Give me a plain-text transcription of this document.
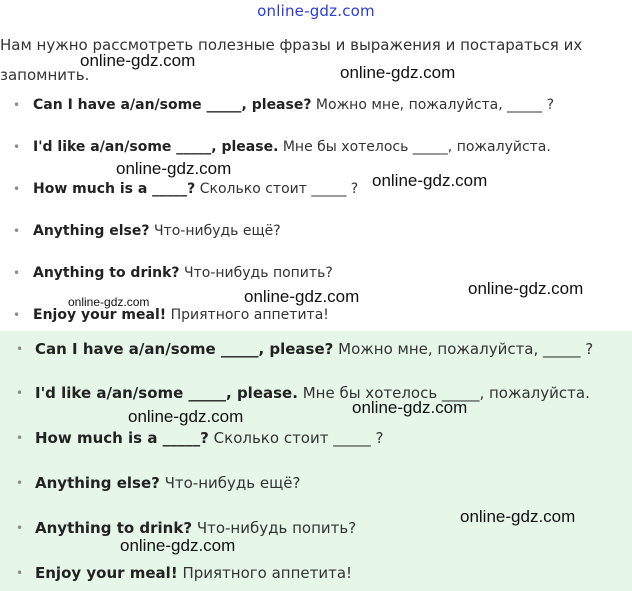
online-gdz.com
Нам нужно рассмотреть полезные фразы и выражения и постараться их запомнить.
• Can I have a/an/some _____, please? Можно мне, пожалуйста, _____ ?
• I'd like a/an/some _____, please. Мне бы хотелось _____, пожалуйста.
• How much is a _____? Сколько стоит _____ ?
• Anything else? Что-нибудь ещё?
• Anything to drink? Что-нибудь попить?
• Enjoy your meal! Приятного аппетита!
• Can I have a/an/some _____, please? Можно мне, пожалуйста, _____ ?
• I'd like a/an/some _____, please. Мне бы хотелось _____, пожалуйста.
• How much is a _____? Сколько стоит _____ ?
• Anything else? Что-нибудь ещё?
• Anything to drink? Что-нибудь попить?
• Enjoy your meal! Приятного аппетита!
online-gdz.com
online-gdz.com
online-gdz.com
online-gdz.com
online-gdz.com
online-gdz.com	online-gdz.com
online-gdz.com
online-gdz.com
online-gdz.com
online-gdz.com
